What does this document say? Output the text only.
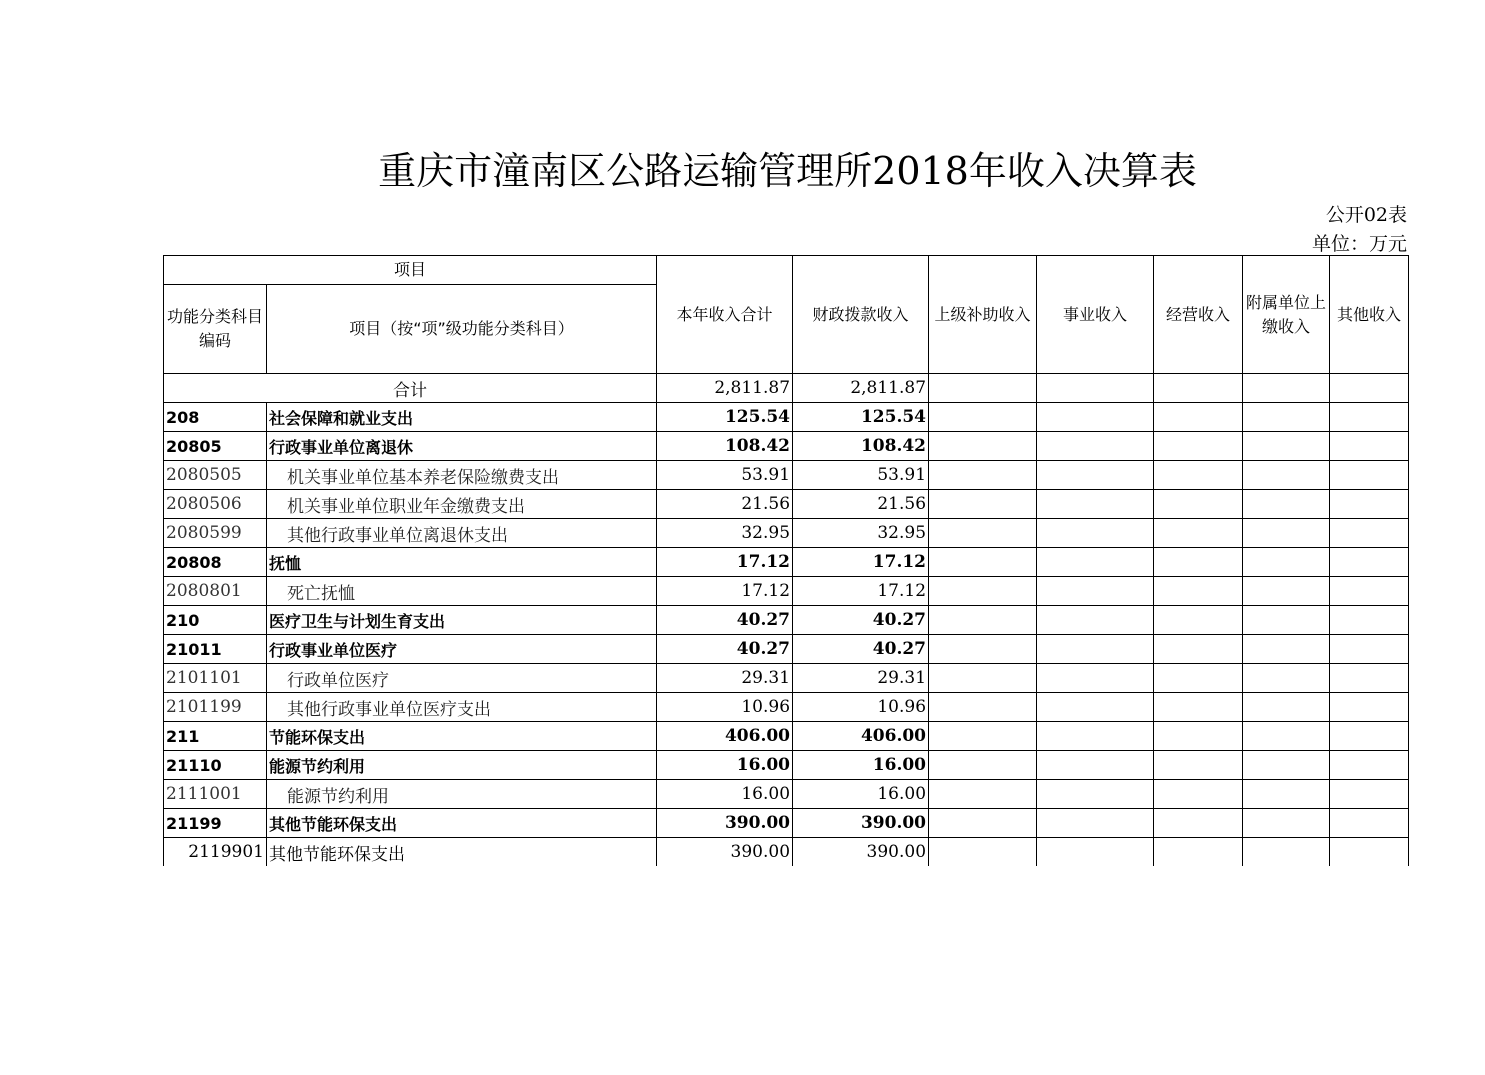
重庆市潼南区公路运输管理所2018年收入决算表
公开02表
单位：万元
项目		本年收入合计	财政拨款收入	上级补助收入	事业收入	经营收入	附属单位上缴收入	其他收入
功能分类科目编码	项目（按“项”级功能分类科目）							
合计		2,811.87	2,811.87					
208	社会保障和就业支出	125.54	125.54					
20805	行政事业单位离退休	108.42	108.42					
2080505	机关事业单位基本养老保险缴费支出	53.91	53.91					
2080506	机关事业单位职业年金缴费支出	21.56	21.56					
2080599	其他行政事业单位离退休支出	32.95	32.95					
20808	抚恤	17.12	17.12					
2080801	死亡抚恤	17.12	17.12					
210	医疗卫生与计划生育支出	40.27	40.27					
21011	行政事业单位医疗	40.27	40.27					
2101101	行政单位医疗	29.31	29.31					
2101199	其他行政事业单位医疗支出	10.96	10.96					
211	节能环保支出	406.00	406.00					
21110	能源节约利用	16.00	16.00					
2111001	能源节约利用	16.00	16.00					
21199	其他节能环保支出	390.00	390.00					
2119901	其他节能环保支出	390.00	390.00					
